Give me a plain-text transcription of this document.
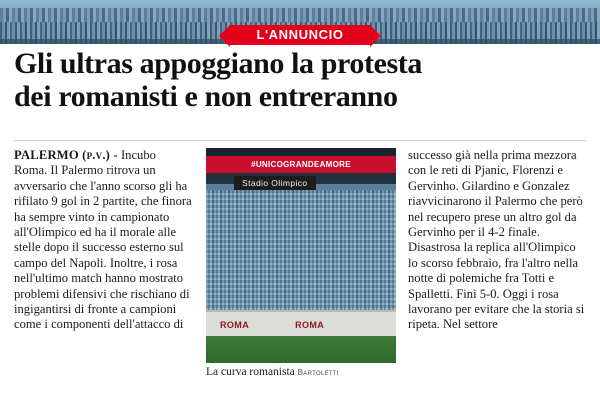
L'ANNUNCIO
Gli ultras appoggiano la protesta
dei romanisti e non entreranno

PALERMO (p.v.) - Incubo Roma. Il Palermo ritrova un avversario che l'anno scorso gli ha rifilato 9 gol in 2 partite, che finora ha sempre vinto in campionato all'Olimpico ed ha il morale alle stelle dopo il successo esterno sul campo del Napoli. Inoltre, i rosa nell'ultimo match hanno mostrato problemi difensivi che rischiano di ingigantirsi di fronte a campioni come i componenti dell'attacco di

#UNICOGRANDEAMORE
Stadio Olimpico
ROMA	ROMA
La curva romanista Bartoletti

successo già nella prima mezzora con le reti di Pjanic, Florenzi e Gervinho. Gilardino e Gonzalez riavvicinarono il Palermo che però nel recupero prese un altro gol da Gervinho per il 4-2 finale. Disastrosa la replica all'Olimpico lo scorso febbraio, fra l'altro nella notte di polemiche fra Totti e Spalletti. Finì 5-0. Oggi i rosa lavorano per evitare che la storia si ripeta. Nel settore
